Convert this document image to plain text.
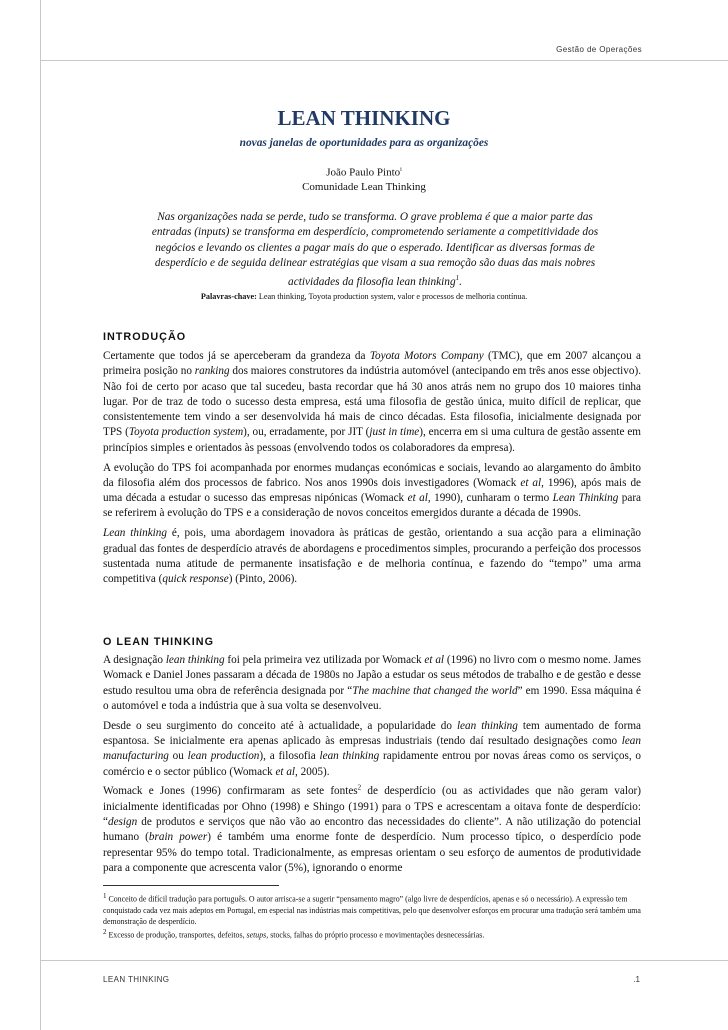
Gestão de Operações
LEAN THINKING
novas janelas de oportunidades para as organizações
João Paulo Pinto$^i$
Comunidade Lean Thinking
Nas organizações nada se perde, tudo se transforma. O grave problema é que a maior parte das entradas (inputs) se transforma em desperdício, comprometendo seriamente a competitividade dos negócios e levando os clientes a pagar mais do que o esperado. Identificar as diversas formas de desperdício e de seguida delinear estratégias que visam a sua remoção são duas das mais nobres actividades da filosofia lean thinking$^1$.
Palavras-chave: Lean thinking, Toyota production system, valor e processos de melhoria contínua.
INTRODUÇÃO

Certamente que todos já se aperceberam da grandeza da Toyota Motors Company (TMC), que em 2007 alcançou a primeira posição no ranking dos maiores construtores da indústria automóvel (antecipando em três anos esse objectivo). Não foi de certo por acaso que tal sucedeu, basta recordar que há 30 anos atrás nem no grupo dos 10 maiores tinha lugar. Por de traz de todo o sucesso desta empresa, está uma filosofia de gestão única, muito difícil de replicar, que consistentemente tem vindo a ser desenvolvida há mais de cinco décadas. Esta filosofia, inicialmente designada por TPS (Toyota production system), ou, erradamente, por JIT (just in time), encerra em si uma cultura de gestão assente em princípios simples e orientados às pessoas (envolvendo todos os colaboradores da empresa).

A evolução do TPS foi acompanhada por enormes mudanças económicas e sociais, levando ao alargamento do âmbito da filosofia além dos processos de fabrico. Nos anos 1990s dois investigadores (Womack et al, 1996), após mais de uma década a estudar o sucesso das empresas nipónicas (Womack et al, 1990), cunharam o termo Lean Thinking para se referirem à evolução do TPS e a consideração de novos conceitos emergidos durante a década de 1990s.

Lean thinking é, pois, uma abordagem inovadora às práticas de gestão, orientando a sua acção para a eliminação gradual das fontes de desperdício através de abordagens e procedimentos simples, procurando a perfeição dos processos sustentada numa atitude de permanente insatisfação e de melhoria contínua, e fazendo do “tempo” uma arma competitiva (quick response) (Pinto, 2006).

O LEAN THINKING

A designação lean thinking foi pela primeira vez utilizada por Womack et al (1996) no livro com o mesmo nome. James Womack e Daniel Jones passaram a década de 1980s no Japão a estudar os seus métodos de trabalho e de gestão e desse estudo resultou uma obra de referência designada por “The machine that changed the world” em 1990. Essa máquina é o automóvel e toda a indústria que à sua volta se desenvolveu.

Desde o seu surgimento do conceito até à actualidade, a popularidade do lean thinking tem aumentado de forma espantosa. Se inicialmente era apenas aplicado às empresas industriais (tendo daí resultado designações como lean manufacturing ou lean production), a filosofia lean thinking rapidamente entrou por novas áreas como os serviços, o comércio e o sector público (Womack et al, 2005).

Womack e Jones (1996) confirmaram as sete fontes$^2$ de desperdício (ou as actividades que não geram valor) inicialmente identificadas por Ohno (1998) e Shingo (1991) para o TPS e acrescentam a oitava fonte de desperdício: “design de produtos e serviços que não vão ao encontro das necessidades do cliente”. A não utilização do potencial humano (brain power) é também uma enorme fonte de desperdício. Num processo típico, o desperdício pode representar 95% do tempo total. Tradicionalmente, as empresas orientam o seu esforço de aumentos de produtividade para a componente que acrescenta valor (5%), ignorando o enorme

$^1$ Conceito de difícil tradução para português. O autor arrisca-se a sugerir “pensamento magro” (algo livre de desperdícios, apenas e só o necessário). A expressão tem conquistado cada vez mais adeptos em Portugal, em especial nas indústrias mais competitivas, pelo que desenvolver esforços em procurar uma tradução será também uma demonstração de desperdício.

$^2$ Excesso de produção, transportes, defeitos, setups, stocks, falhas do próprio processo e movimentações desnecessárias.

LEAN THINKING	.1
